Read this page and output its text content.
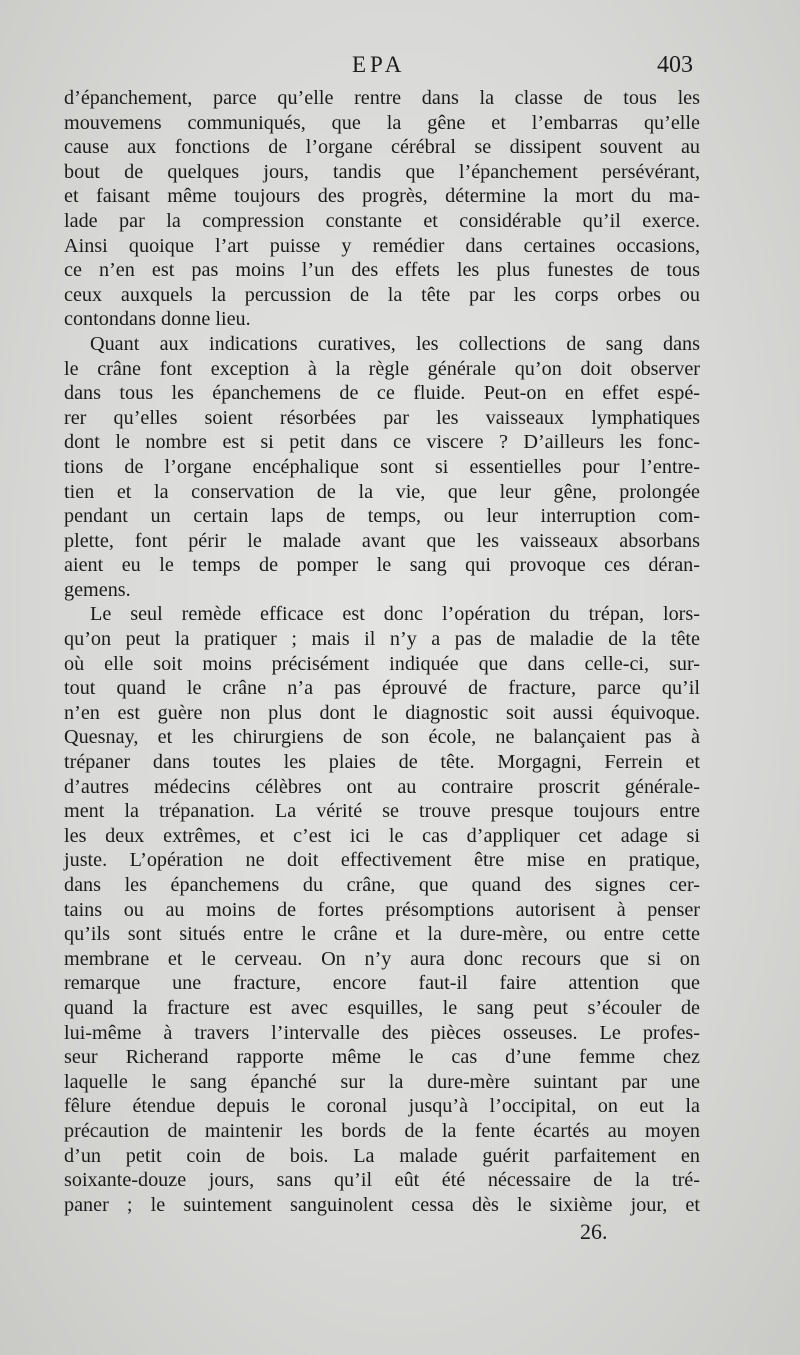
EPA	403
d’épanchement, parce qu’elle rentre dans la classe de tous les
mouvemens communiqués, que la gêne et l’embarras qu’elle
cause aux fonctions de l’organe cérébral se dissipent souvent au
bout de quelques jours, tandis que l’épanchement persévérant,
et faisant même toujours des progrès, détermine la mort du ma-
lade par la compression constante et considérable qu’il exerce.
Ainsi quoique l’art puisse y remédier dans certaines occasions,
ce n’en est pas moins l’un des effets les plus funestes de tous
ceux auxquels la percussion de la tête par les corps orbes ou
contondans donne lieu.
Quant aux indications curatives, les collections de sang dans
le crâne font exception à la règle générale qu’on doit observer
dans tous les épanchemens de ce fluide. Peut-on en effet espé-
rer qu’elles soient résorbées par les vaisseaux lymphatiques
dont le nombre est si petit dans ce viscere ? D’ailleurs les fonc-
tions de l’organe encéphalique sont si essentielles pour l’entre-
tien et la conservation de la vie, que leur gêne, prolongée
pendant un certain laps de temps, ou leur interruption com-
plette, font périr le malade avant que les vaisseaux absorbans
aient eu le temps de pomper le sang qui provoque ces déran-
gemens.
Le seul remède efficace est donc l’opération du trépan, lors-
qu’on peut la pratiquer ; mais il n’y a pas de maladie de la tête
où elle soit moins précisément indiquée que dans celle-ci, sur-
tout quand le crâne n’a pas éprouvé de fracture, parce qu’il
n’en est guère non plus dont le diagnostic soit aussi équivoque.
Quesnay, et les chirurgiens de son école, ne balançaient pas à
trépaner dans toutes les plaies de tête. Morgagni, Ferrein et
d’autres médecins célèbres ont au contraire proscrit générale-
ment la trépanation. La vérité se trouve presque toujours entre
les deux extrêmes, et c’est ici le cas d’appliquer cet adage si
juste. L’opération ne doit effectivement être mise en pratique,
dans les épanchemens du crâne, que quand des signes cer-
tains ou au moins de fortes présomptions autorisent à penser
qu’ils sont situés entre le crâne et la dure-mère, ou entre cette
membrane et le cerveau. On n’y aura donc recours que si on
remarque une fracture, encore faut-il faire attention que
quand la fracture est avec esquilles, le sang peut s’écouler de
lui-même à travers l’intervalle des pièces osseuses. Le profes-
seur Richerand rapporte même le cas d’une femme chez
laquelle le sang épanché sur la dure-mère suintant par une
fêlure étendue depuis le coronal jusqu’à l’occipital, on eut la
précaution de maintenir les bords de la fente écartés au moyen
d’un petit coin de bois. La malade guérit parfaitement en
soixante-douze jours, sans qu’il eût été nécessaire de la tré-
paner ; le suintement sanguinolent cessa dès le sixième jour, et
26.
